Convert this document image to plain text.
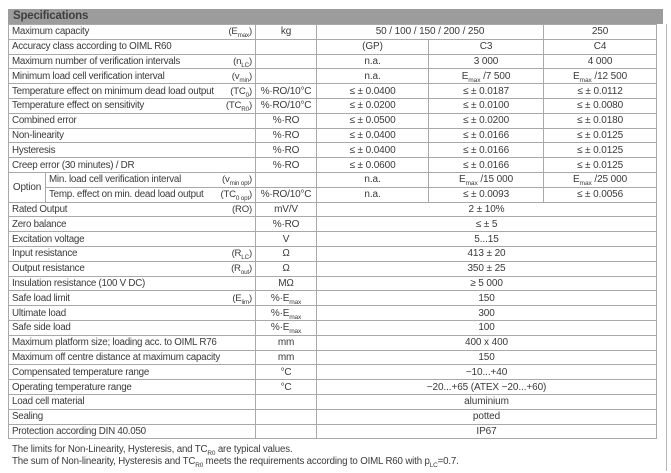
Specifications
Maximum capacity $(E_{max})$		kg	50 / 100 / 150 / 200 / 250		250

Accuracy class according to OIML R60			(GP)	C3	C4

Maximum number of verification intervals $(n_{LC})$			n.a.	3 000	4 000

Minimum load cell verification interval $(v_{min})$			n.a.	$E_{max}$ /7 500	$E_{max}$ /12 500

Temperature effect on minimum dead load output $(TC_0)$		%·RO/10°C	≤ ± 0.0400	≤ ± 0.0187	≤ ± 0.0112

Temperature effect on sensitivity $(TC_{R0})$		%·RO/10°C	≤ ± 0.0200	≤ ± 0.0100	≤ ± 0.0080

Combined error		%·RO	≤ ± 0.0500	≤ ± 0.0200	≤ ± 0.0180

Non-linearity		%·RO	≤ ± 0.0400	≤ ± 0.0166	≤ ± 0.0125

Hysteresis		%·RO	≤ ± 0.0400	≤ ± 0.0166	≤ ± 0.0125

Creep error (30 minutes) / DR		%·RO	≤ ± 0.0600	≤ ± 0.0166	≤ ± 0.0125
Option	Min. load cell verification interval $(v_{min opt})$		n.a.	$E_{max}$ /15 000	$E_{max}$ /25 000

	Temp. effect on min. dead load output $(TC_{0 opt})$	%·RO/10°C	n.a.	≤ ± 0.0093	≤ ± 0.0056

Rated Output (RO)		mV/V	2 ± 10%		

Zero balance		%·RO	≤ ± 5		

Excitation voltage		V	5...15		

Input resistance $(R_{LC})$		Ω	413 ± 20		

Output resistance $(R_{out})$		Ω	350 ± 25		

Insulation resistance (100 V DC)		MΩ	≥ 5 000		

Safe load limit $(E_{lim})$		$\%\cdot E_{max}$	150		

Ultimate load		$\%\cdot E_{max}$	300		

Safe side load		$\%\cdot E_{max}$	100		

Maximum platform size; loading acc. to OIML R76		mm	400 x 400		

Maximum off centre distance at maximum capacity		mm	150		

Compensated temperature range		°C	−10...+40		

Operating temperature range		°C	−20...+65 (ATEX −20...+60)		

Load cell material			aluminium		

Sealing			potted		

Protection according DIN 40.050			IP67		
The limits for Non-Linearity, Hysteresis, and $TC_{R0}$ are typical values.
The sum of Non-linearity, Hysteresis and $TC_{R0}$ meets the requirements according to OIML R60 with $p_{LC}=0.7$.
